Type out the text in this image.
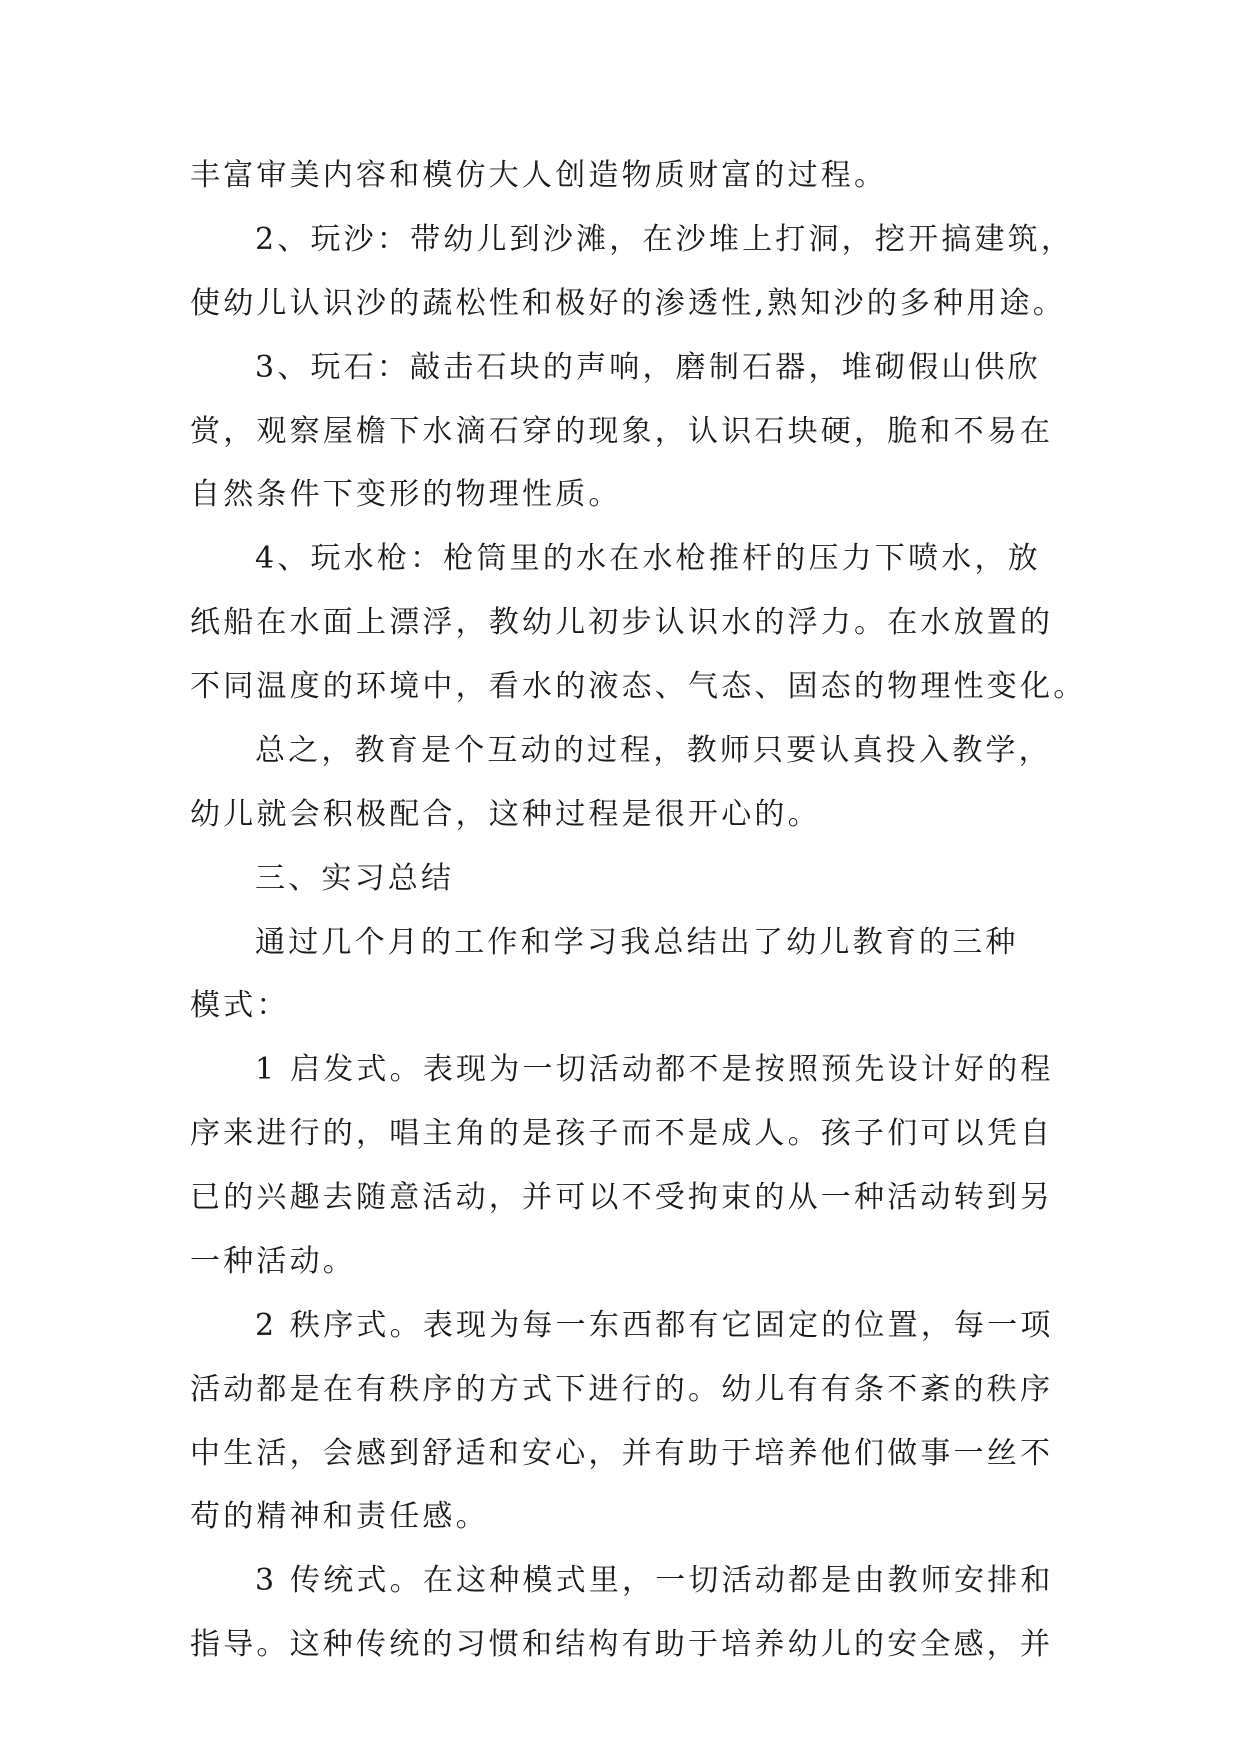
丰富审美内容和模仿大人创造物质财富的过程。
2、玩沙：带幼儿到沙滩，在沙堆上打洞，挖开搞建筑，
使幼儿认识沙的蔬松性和极好的渗透性,熟知沙的多种用途。
3、玩石：敲击石块的声响，磨制石器，堆砌假山供欣
赏，观察屋檐下水滴石穿的现象，认识石块硬，脆和不易在
自然条件下变形的物理性质。
4、玩水枪：枪筒里的水在水枪推杆的压力下喷水，放
纸船在水面上漂浮，教幼儿初步认识水的浮力。在水放置的
不同温度的环境中，看水的液态、气态、固态的物理性变化。
总之，教育是个互动的过程，教师只要认真投入教学，
幼儿就会积极配合，这种过程是很开心的。
三、实习总结
通过几个月的工作和学习我总结出了幼儿教育的三种
模式：
1 启发式。表现为一切活动都不是按照预先设计好的程
序来进行的，唱主角的是孩子而不是成人。孩子们可以凭自
已的兴趣去随意活动，并可以不受拘束的从一种活动转到另
一种活动。
2 秩序式。表现为每一东西都有它固定的位置，每一项
活动都是在有秩序的方式下进行的。幼儿有有条不紊的秩序
中生活，会感到舒适和安心，并有助于培养他们做事一丝不
苟的精神和责任感。
3 传统式。在这种模式里，一切活动都是由教师安排和
指导。这种传统的习惯和结构有助于培养幼儿的安全感，并
